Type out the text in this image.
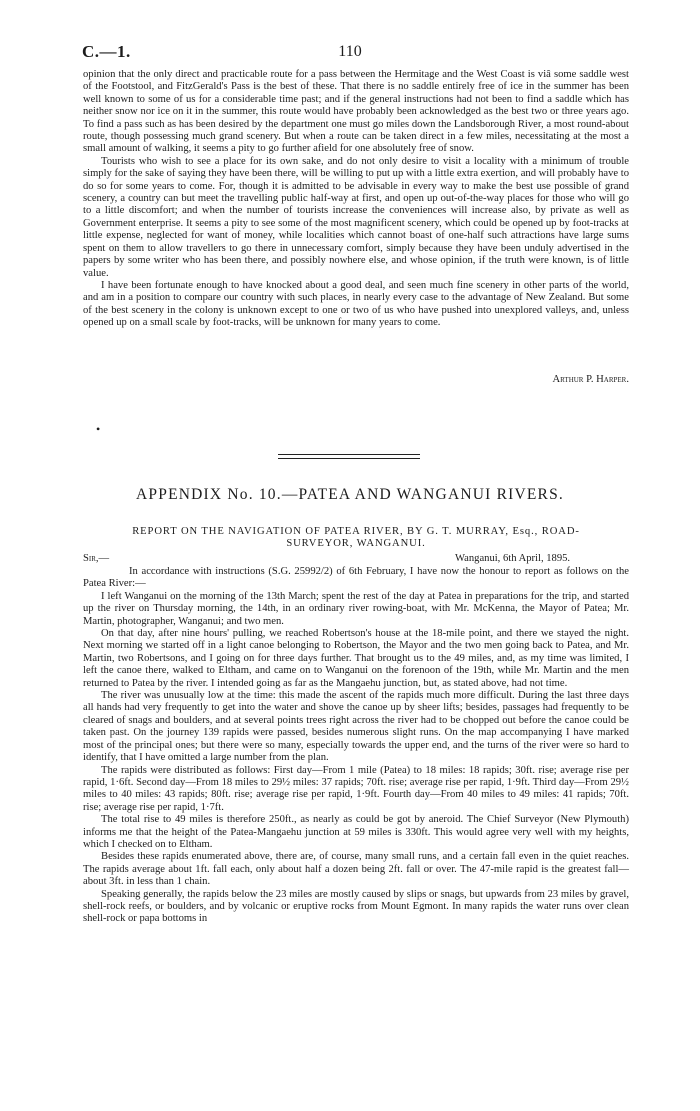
C.—1.	110

opinion that the only direct and practicable route for a pass between the Hermitage and the West Coast is viâ some saddle west of the Footstool, and FitzGerald's Pass is the best of these. That there is no saddle entirely free of ice in the summer has been well known to some of us for a considerable time past; and if the general instructions had not been to find a saddle which has neither snow nor ice on it in the summer, this route would have probably been acknowledged as the best two or three years ago. To find a pass such as has been desired by the department one must go miles down the Landsborough River, a most round-about route, though possessing much grand scenery. But when a route can be taken direct in a few miles, necessitating at the most a small amount of walking, it seems a pity to go further afield for one absolutely free of snow.

Tourists who wish to see a place for its own sake, and do not only desire to visit a locality with a minimum of trouble simply for the sake of saying they have been there, will be willing to put up with a little extra exertion, and will probably have to do so for some years to come. For, though it is admitted to be advisable in every way to make the best use possible of grand scenery, a country can but meet the travelling public half-way at first, and open up out-of-the-way places for those who will go to a little discomfort; and when the number of tourists increase the conveniences will increase also, by private as well as Government enterprise. It seems a pity to see some of the most magnificent scenery, which could be opened up by foot-tracks at little expense, neglected for want of money, while localities which cannot boast of one-half such attractions have large sums spent on them to allow travellers to go there in unnecessary comfort, simply because they have been unduly advertised in the papers by some writer who has been there, and possibly nowhere else, and whose opinion, if the truth were known, is of little value.

I have been fortunate enough to have knocked about a good deal, and seen much fine scenery in other parts of the world, and am in a position to compare our country with such places, in nearly every case to the advantage of New Zealand. But some of the best scenery in the colony is unknown except to one or two of us who have pushed into unexplored valleys, and, unless opened up on a small scale by foot-tracks, will be unknown for many years to come.

Arthur P. Harper.
•
APPENDIX No. 10.—PATEA AND WANGANUI RIVERS.
REPORT ON THE NAVIGATION OF PATEA RIVER, BY G. T. MURRAY, Esq., ROAD-
SURVEYOR, WANGANUI.
Sir,—	Wanganui, 6th April, 1895.

In accordance with instructions (S.G. 25992/2) of 6th February, I have now the honour to report as follows on the Patea River:—

I left Wanganui on the morning of the 13th March; spent the rest of the day at Patea in preparations for the trip, and started up the river on Thursday morning, the 14th, in an ordinary river rowing-boat, with Mr. McKenna, the Mayor of Patea; Mr. Martin, photographer, Wanganui; and two men.

On that day, after nine hours' pulling, we reached Robertson's house at the 18-mile point, and there we stayed the night. Next morning we started off in a light canoe belonging to Robertson, the Mayor and the two men going back to Patea, and Mr. Martin, two Robertsons, and I going on for three days further. That brought us to the 49 miles, and, as my time was limited, I left the canoe there, walked to Eltham, and came on to Wanganui on the forenoon of the 19th, while Mr. Martin and the men returned to Patea by the river. I intended going as far as the Mangaehu junction, but, as stated above, had not time.

The river was unusually low at the time: this made the ascent of the rapids much more difficult. During the last three days all hands had very frequently to get into the water and shove the canoe up by sheer lifts; besides, passages had frequently to be cleared of snags and boulders, and at several points trees right across the river had to be chopped out before the canoe could be taken past. On the journey 139 rapids were passed, besides numerous slight runs. On the map accompanying I have marked most of the principal ones; but there were so many, especially towards the upper end, and the turns of the river were so hard to identify, that I have omitted a large number from the plan.

The rapids were distributed as follows: First day—From 1 mile (Patea) to 18 miles: 18 rapids; 30ft. rise; average rise per rapid, 1·6ft. Second day—From 18 miles to 29½ miles: 37 rapids; 70ft. rise; average rise per rapid, 1·9ft. Third day—From 29½ miles to 40 miles: 43 rapids; 80ft. rise; average rise per rapid, 1·9ft. Fourth day—From 40 miles to 49 miles: 41 rapids; 70ft. rise; average rise per rapid, 1·7ft.

The total rise to 49 miles is therefore 250ft., as nearly as could be got by aneroid. The Chief Surveyor (New Plymouth) informs me that the height of the Patea-Mangaehu junction at 59 miles is 330ft. This would agree very well with my heights, which I checked on to Eltham.

Besides these rapids enumerated above, there are, of course, many small runs, and a certain fall even in the quiet reaches. The rapids average about 1ft. fall each, only about half a dozen being 2ft. fall or over. The 47-mile rapid is the greatest fall—about 3ft. in less than 1 chain.

Speaking generally, the rapids below the 23 miles are mostly caused by slips or snags, but upwards from 23 miles by gravel, shell-rock reefs, or boulders, and by volcanic or eruptive rocks from Mount Egmont. In many rapids the water runs over clean shell-rock or papa bottoms in
